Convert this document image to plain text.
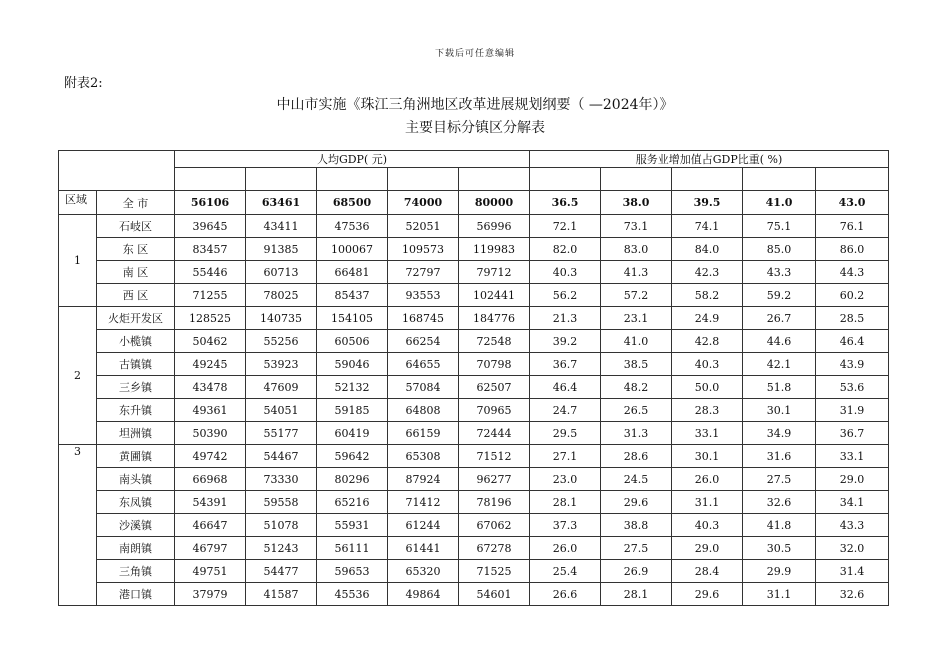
下载后可任意编辑
附表2:
中山市实施《珠江三角洲地区改革进展规划纲要（ —2024年）》
主要目标分镇区分解表
		人均GDP( 元)					服务业增加值占GDP比重( %)				

区域	全 市	56106	63461	68500	74000	80000	36.5	38.0	39.5	41.0	43.0
1	石岐区	39645	43411	47536	52051	56996	72.1	73.1	74.1	75.1	76.1
	东 区	83457	91385	100067	109573	119983	82.0	83.0	84.0	85.0	86.0
	南 区	55446	60713	66481	72797	79712	40.3	41.3	42.3	43.3	44.3
	西 区	71255	78025	85437	93553	102441	56.2	57.2	58.2	59.2	60.2
2	火炬开发区	128525	140735	154105	168745	184776	21.3	23.1	24.9	26.7	28.5
	小榄镇	50462	55256	60506	66254	72548	39.2	41.0	42.8	44.6	46.4
	古镇镇	49245	53923	59046	64655	70798	36.7	38.5	40.3	42.1	43.9
	三乡镇	43478	47609	52132	57084	62507	46.4	48.2	50.0	51.8	53.6
	东升镇	49361	54051	59185	64808	70965	24.7	26.5	28.3	30.1	31.9
	坦洲镇	50390	55177	60419	66159	72444	29.5	31.3	33.1	34.9	36.7
3	黄圃镇	49742	54467	59642	65308	71512	27.1	28.6	30.1	31.6	33.1
	南头镇	66968	73330	80296	87924	96277	23.0	24.5	26.0	27.5	29.0
	东凤镇	54391	59558	65216	71412	78196	28.1	29.6	31.1	32.6	34.1
	沙溪镇	46647	51078	55931	61244	67062	37.3	38.8	40.3	41.8	43.3
	南朗镇	46797	51243	56111	61441	67278	26.0	27.5	29.0	30.5	32.0
	三角镇	49751	54477	59653	65320	71525	25.4	26.9	28.4	29.9	31.4
	港口镇	37979	41587	45536	49864	54601	26.6	28.1	29.6	31.1	32.6
